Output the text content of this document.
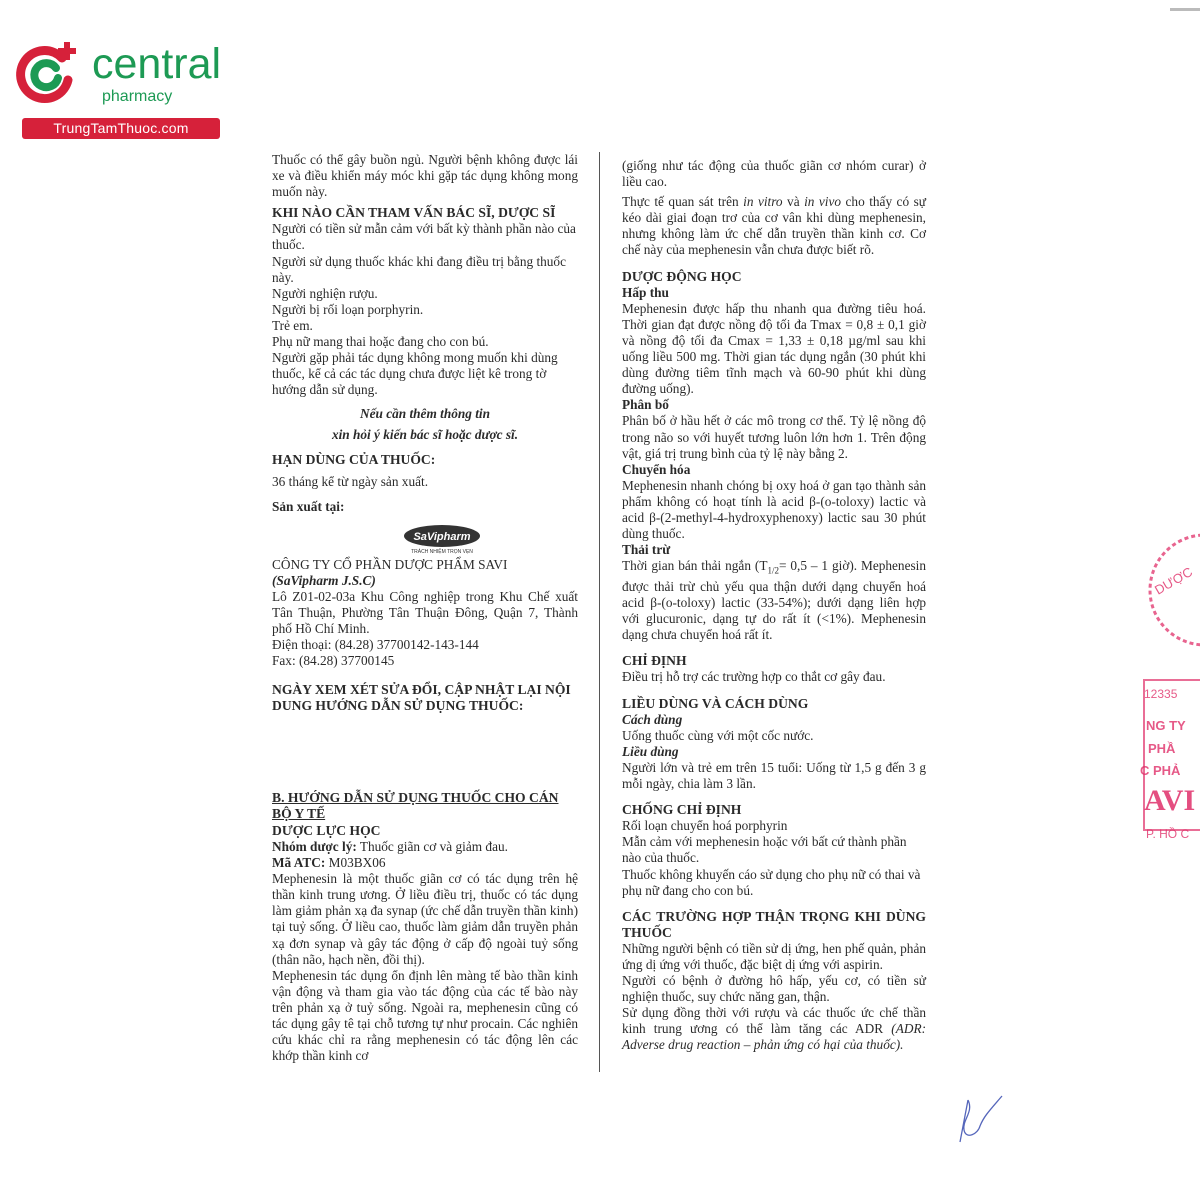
central
pharmacy
TrungTamThuoc.com

Thuốc có thể gây buồn ngủ. Người bệnh không được lái xe và điều khiển máy móc khi gặp tác dụng không mong muốn này.

KHI NÀO CẦN THAM VẤN BÁC SĨ, DƯỢC SĨ

Người có tiền sử mẫn cảm với bất kỳ thành phần nào của thuốc.

Người sử dụng thuốc khác khi đang điều trị bằng thuốc này.

Người nghiện rượu.

Người bị rối loạn porphyrin.

Trẻ em.

Phụ nữ mang thai hoặc đang cho con bú.

Người gặp phải tác dụng không mong muốn khi dùng thuốc, kể cả các tác dụng chưa được liệt kê trong tờ hướng dẫn sử dụng.

Nếu cần thêm thông tin

xin hỏi ý kiến bác sĩ hoặc dược sĩ.

HẠN DÙNG CỦA THUỐC:

36 tháng kể từ ngày sản xuất.

Sản xuất tại:

SaVipharm
TRÁCH NHIỆM TRỌN VẸN

CÔNG TY CỔ PHẦN DƯỢC PHẨM SAVI

(SaVipharm J.S.C)

Lô Z01-02-03a Khu Công nghiệp trong Khu Chế xuất Tân Thuận, Phường Tân Thuận Đông, Quận 7, Thành phố Hồ Chí Minh.

Điện thoại: (84.28) 37700142-143-144

Fax: (84.28) 37700145

NGÀY XEM XÉT SỬA ĐỔI, CẬP NHẬT LẠI NỘI DUNG HƯỚNG DẪN SỬ DỤNG THUỐC:

B. HƯỚNG DẪN SỬ DỤNG THUỐC CHO CÁN BỘ Y TẾ

DƯỢC LỰC HỌC

Nhóm dược lý: Thuốc giãn cơ và giảm đau.

Mã ATC: M03BX06

Mephenesin là một thuốc giãn cơ có tác dụng trên hệ thần kinh trung ương. Ở liều điều trị, thuốc có tác dụng làm giảm phản xạ đa synap (ức chế dẫn truyền thần kinh) tại tuỷ sống. Ở liều cao, thuốc làm giảm dẫn truyền phản xạ đơn synap và gây tác động ở cấp độ ngoài tuỷ sống (thân não, hạch nền, đồi thị).

Mephenesin tác dụng ổn định lên màng tế bào thần kinh vận động và tham gia vào tác động của các tế bào này trên phản xạ ở tuỷ sống. Ngoài ra, mephenesin cũng có tác dụng gây tê tại chỗ tương tự như procain. Các nghiên cứu khác chỉ ra rằng mephenesin có tác động lên các khớp thần kinh cơ

(giống như tác động của thuốc giãn cơ nhóm curar) ở liều cao.

Thực tế quan sát trên in vitro và in vivo cho thấy có sự kéo dài giai đoạn trơ của cơ vân khi dùng mephenesin, nhưng không làm ức chế dẫn truyền thần kinh cơ. Cơ chế này của mephenesin vẫn chưa được biết rõ.

DƯỢC ĐỘNG HỌC

Hấp thu

Mephenesin được hấp thu nhanh qua đường tiêu hoá. Thời gian đạt được nồng độ tối đa Tmax = 0,8 ± 0,1 giờ và nồng độ tối đa Cmax = 1,33 ± 0,18 µg/ml sau khi uống liều 500 mg. Thời gian tác dụng ngắn (30 phút khi dùng đường tiêm tĩnh mạch và 60-90 phút khi dùng đường uống).

Phân bố

Phân bố ở hầu hết ở các mô trong cơ thể. Tỷ lệ nồng độ trong não so với huyết tương luôn lớn hơn 1. Trên động vật, giá trị trung bình của tỷ lệ này bằng 2.

Chuyển hóa

Mephenesin nhanh chóng bị oxy hoá ở gan tạo thành sản phẩm không có hoạt tính là acid β-(o-toloxy) lactic và acid β-(2-methyl-4-hydroxyphenoxy) lactic sau 30 phút dùng thuốc.

Thải trừ

Thời gian bán thải ngắn ($T_{1/2}= 0,5 - 1$ giờ). Mephenesin được thải trừ chủ yếu qua thận dưới dạng chuyển hoá acid β-(o-toloxy) lactic (33-54%); dưới dạng liên hợp với glucuronic, dạng tự do rất ít (<1%). Mephenesin dạng chưa chuyển hoá rất ít.

CHỈ ĐỊNH

Điều trị hỗ trợ các trường hợp co thắt cơ gây đau.

LIỀU DÙNG VÀ CÁCH DÙNG

Cách dùng

Uống thuốc cùng với một cốc nước.

Liều dùng

Người lớn và trẻ em trên 15 tuổi: Uống từ 1,5 g đến 3 g mỗi ngày, chia làm 3 lần.

CHỐNG CHỈ ĐỊNH

Rối loạn chuyển hoá porphyrin

Mẫn cảm với mephenesin hoặc với bất cứ thành phần nào của thuốc.

Thuốc không khuyến cáo sử dụng cho phụ nữ có thai và phụ nữ đang cho con bú.

CÁC TRƯỜNG HỢP THẬN TRỌNG KHI DÙNG THUỐC

Những người bệnh có tiền sử dị ứng, hen phế quản, phản ứng dị ứng với thuốc, đặc biệt dị ứng với aspirin.

Người có bệnh ở đường hô hấp, yếu cơ, có tiền sử nghiện thuốc, suy chức năng gan, thận.

Sử dụng đồng thời với rượu và các thuốc ức chế thần kinh trung ương có thể làm tăng các ADR (ADR: Adverse drug reaction – phản ứng có hại của thuốc).

DƯỢC
12335
NG TY
PHẦ
C PHẢ
AVI
P. HỒ C
